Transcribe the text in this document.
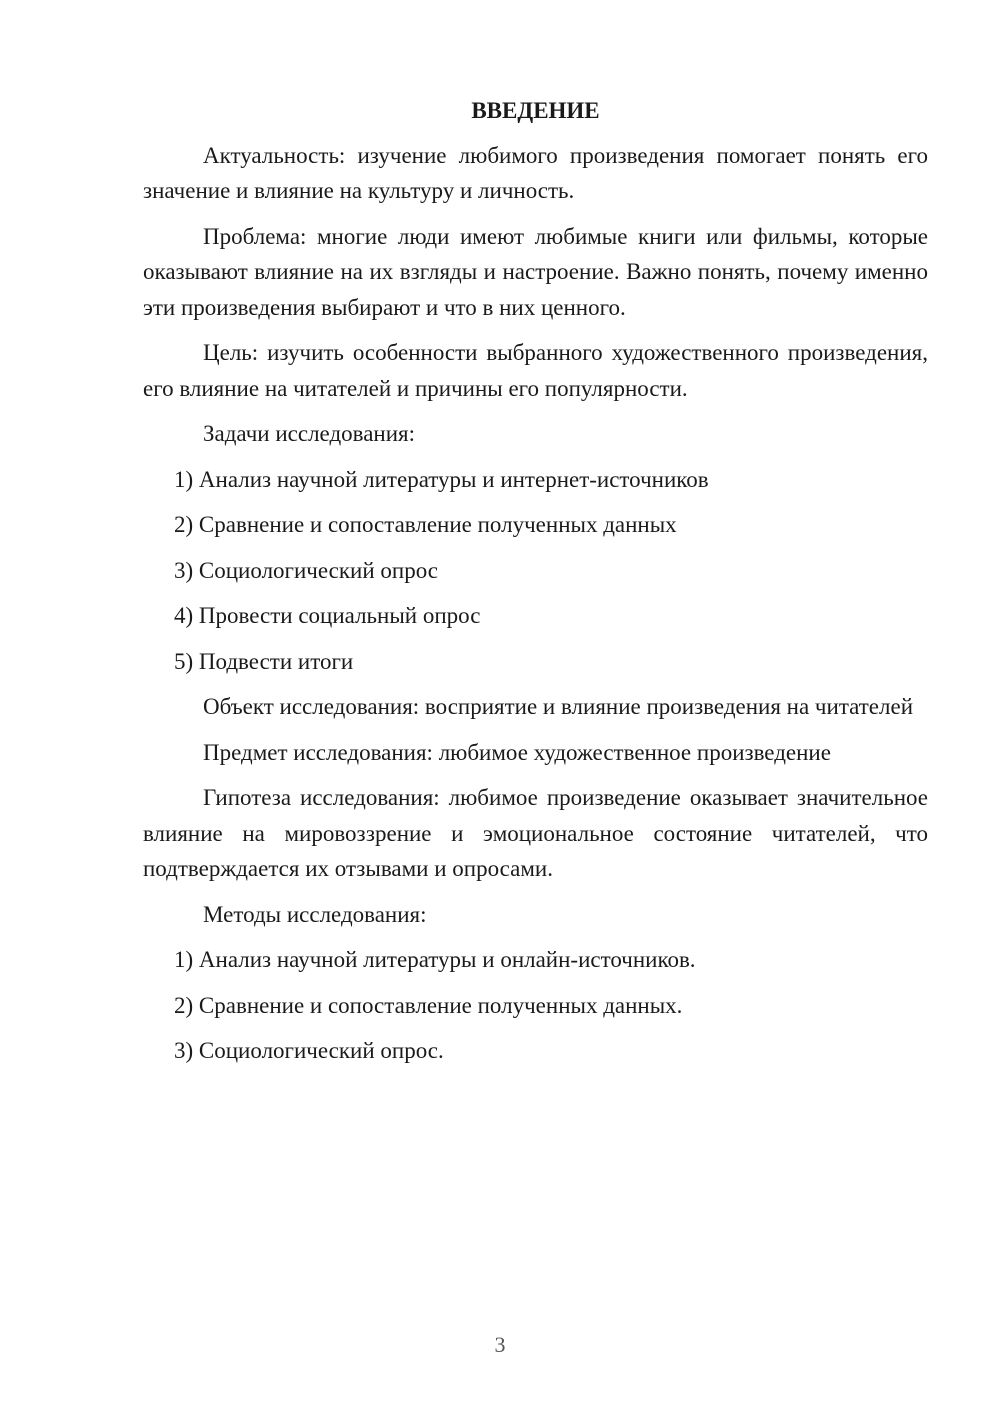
ВВЕДЕНИЕ

Актуальность: изучение любимого произведения помогает понять его значение и влияние на культуру и личность.

Проблема: многие люди имеют любимые книги или фильмы, которые оказывают влияние на их взгляды и настроение. Важно понять, почему именно эти произведения выбирают и что в них ценного.

Цель: изучить особенности выбранного художественного произведения, его влияние на читателей и причины его популярности.

Задачи исследования:

1) Анализ научной литературы и интернет-источников
2) Сравнение и сопоставление полученных данных
3) Социологический опрос
4) Провести социальный опрос
5) Подвести итоги

Объект исследования: восприятие и влияние произведения на читателей

Предмет исследования: любимое художественное произведение

Гипотеза исследования: любимое произведение оказывает значительное влияние на мировоззрение и эмоциональное состояние читателей, что подтверждается их отзывами и опросами.

Методы исследования:

1) Анализ научной литературы и онлайн-источников.
2) Сравнение и сопоставление полученных данных.
3) Социологический опрос.
3
